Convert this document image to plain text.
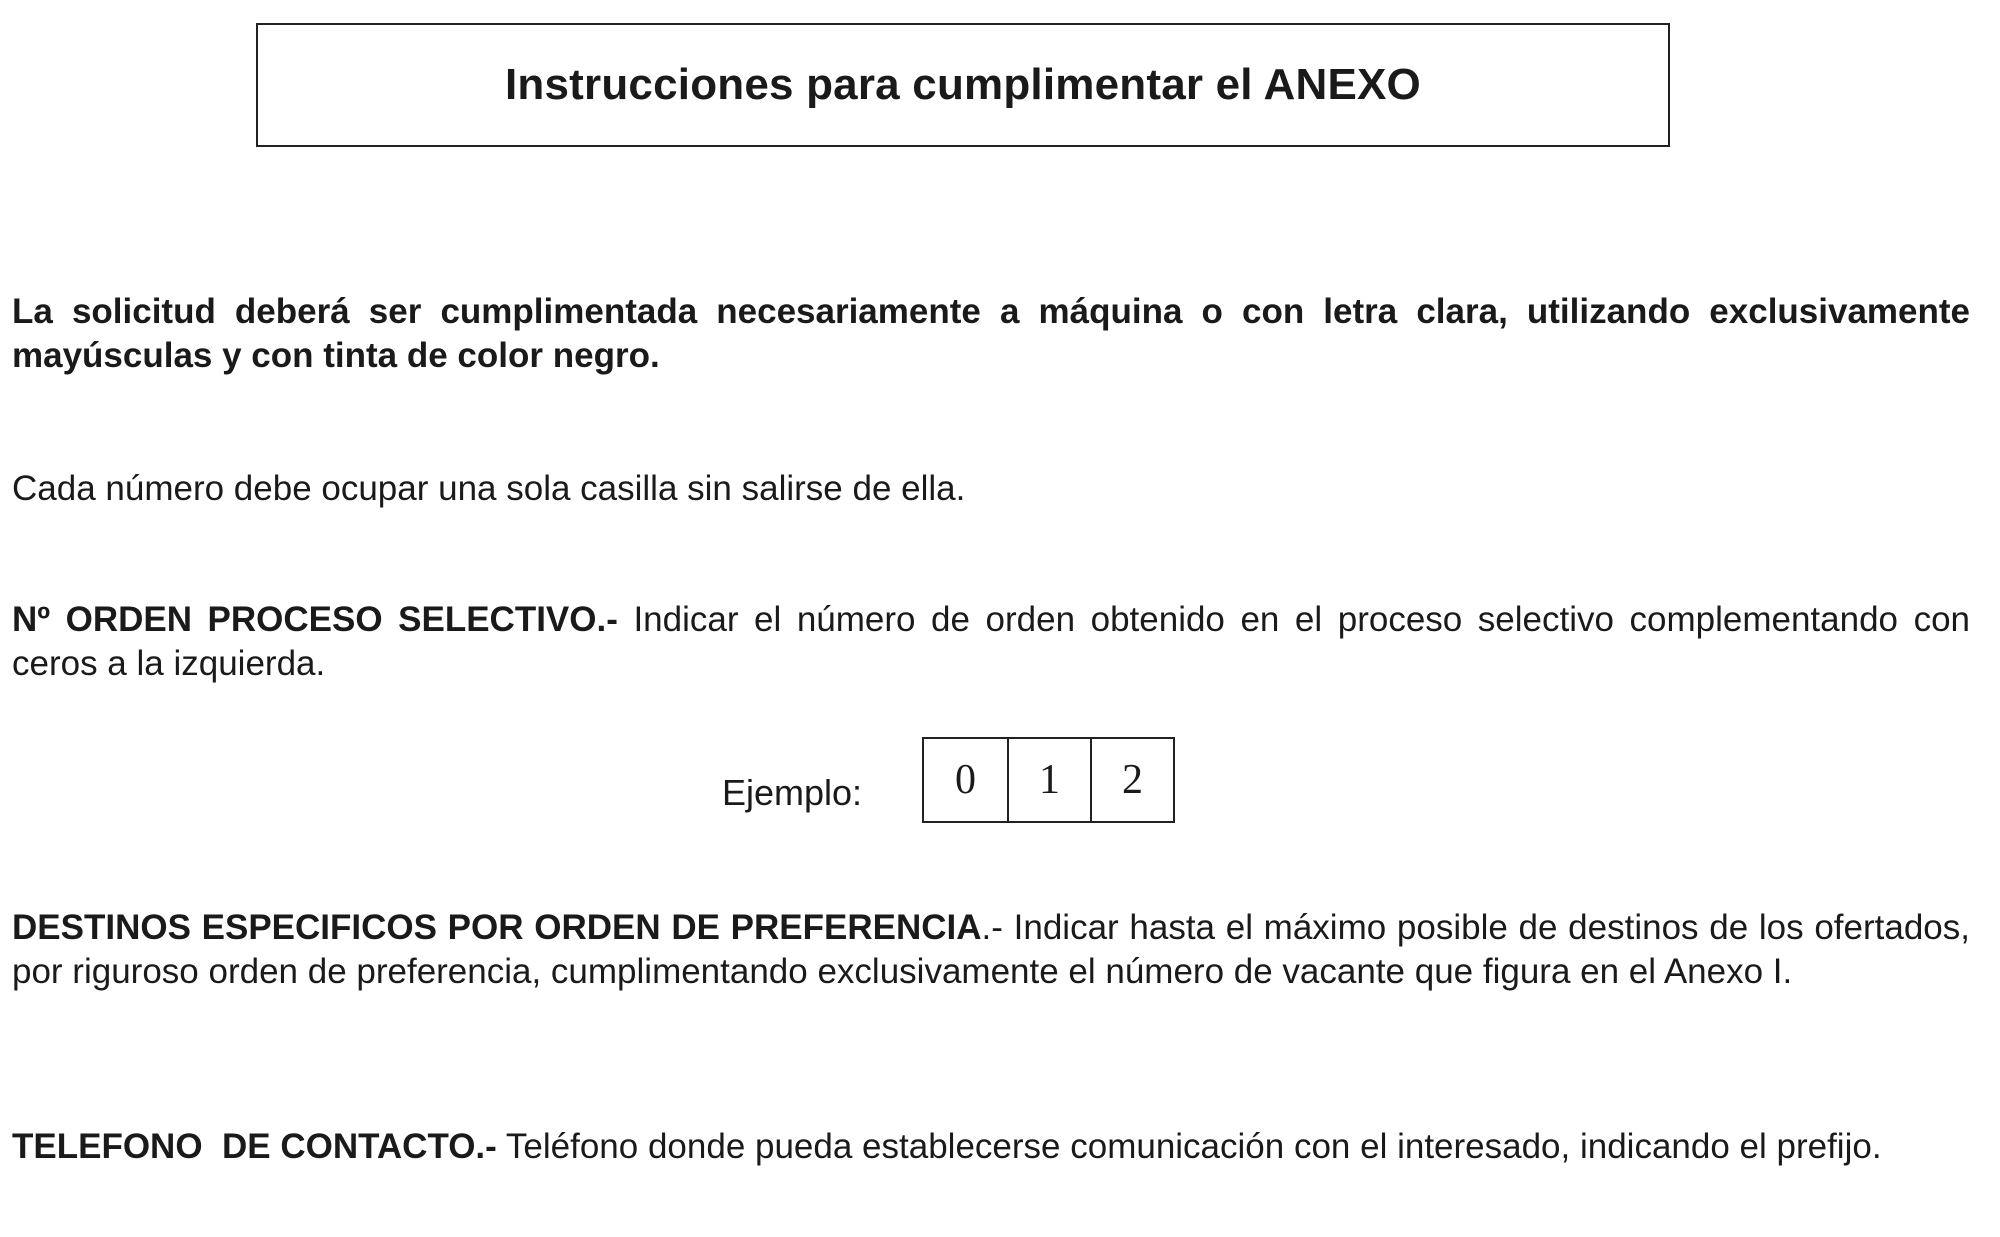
Instrucciones para cumplimentar el ANEXO

La solicitud deberá ser cumplimentada necesariamente a máquina o con letra clara, utilizando exclusivamente mayúsculas y con tinta de color negro.

Cada número debe ocupar una sola casilla sin salirse de ella.

Nº ORDEN PROCESO SELECTIVO.- Indicar el número de orden obtenido en el proceso selectivo complementando con ceros a la izquierda.

Ejemplo:	0	1	2

DESTINOS ESPECIFICOS POR ORDEN DE PREFERENCIA.- Indicar hasta el máximo posible de destinos de los ofertados, por riguroso orden de preferencia, cumplimentando exclusivamente el número de vacante que figura en el Anexo I.

TELEFONO  DE CONTACTO.- Teléfono donde pueda establecerse comunicación con el interesado, indicando el prefijo.
